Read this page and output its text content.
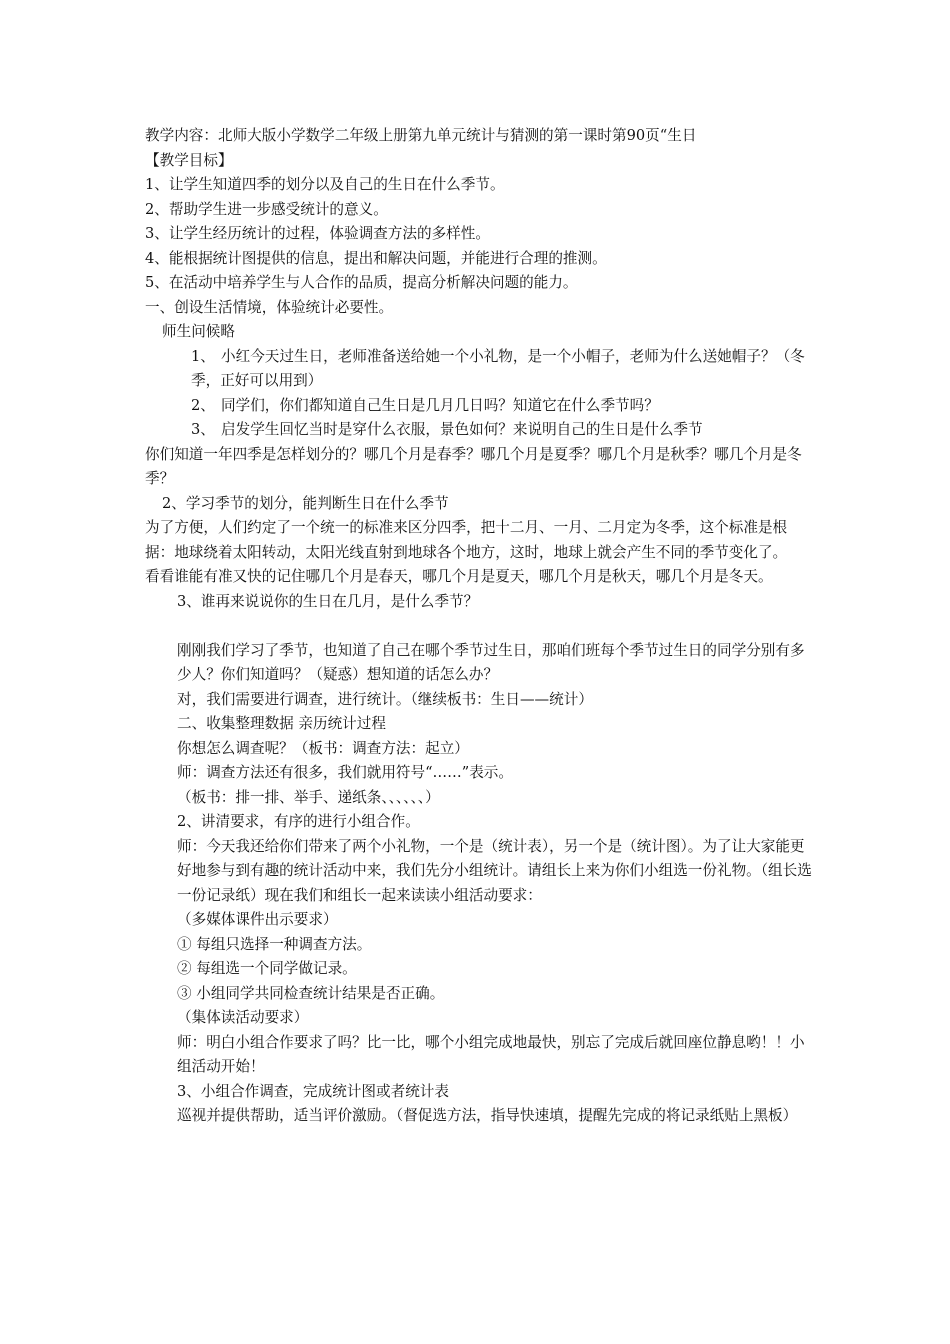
教学内容：北师大版小学数学二年级上册第九单元统计与猜测的第一课时第90页“生日

【教学目标】

1、让学生知道四季的划分以及自己的生日在什么季节。

2、帮助学生进一步感受统计的意义。

3、让学生经历统计的过程，体验调查方法的多样性。

4、能根据统计图提供的信息，提出和解决问题，并能进行合理的推测。

5、在活动中培养学生与人合作的品质，提高分析解决问题的能力。

一、创设生活情境，体验统计必要性。

师生问候略

1、 小红今天过生日，老师准备送给她一个小礼物，是一个小帽子，老师为什么送她帽子？（冬季，正好可以用到）

2、 同学们，你们都知道自己生日是几月几日吗？知道它在什么季节吗？

3、 启发学生回忆当时是穿什么衣服，景色如何？来说明自己的生日是什么季节

你们知道一年四季是怎样划分的？哪几个月是春季？哪几个月是夏季？哪几个月是秋季？哪几个月是冬季？

2、学习季节的划分，能判断生日在什么季节

为了方便，人们约定了一个统一的标准来区分四季，把十二月、一月、二月定为冬季，这个标准是根据：地球绕着太阳转动，太阳光线直射到地球各个地方，这时，地球上就会产生不同的季节变化了。

看看谁能有准又快的记住哪几个月是春天，哪几个月是夏天，哪几个月是秋天，哪几个月是冬天。

3、谁再来说说你的生日在几月，是什么季节？

刚刚我们学习了季节，也知道了自己在哪个季节过生日，那咱们班每个季节过生日的同学分别有多少人？你们知道吗？（疑惑）想知道的话怎么办？

对，我们需要进行调查，进行统计。（继续板书：生日——统计）

二、收集整理数据 亲历统计过程

你想怎么调查呢？（板书：调查方法：起立）

师：调查方法还有很多，我们就用符号“……”表示。

（板书：排一排、举手、递纸条、、、、、、）

2、讲清要求，有序的进行小组合作。

师：今天我还给你们带来了两个小礼物，一个是（统计表），另一个是（统计图）。为了让大家能更好地参与到有趣的统计活动中来，我们先分小组统计。请组长上来为你们小组选一份礼物。（组长选一份记录纸）现在我们和组长一起来读读小组活动要求：

（多媒体课件出示要求）

① 每组只选择一种调查方法。

② 每组选一个同学做记录。

③ 小组同学共同检查统计结果是否正确。

（集体读活动要求）

师：明白小组合作要求了吗？比一比，哪个小组完成地最快，别忘了完成后就回座位静息哟！！小组活动开始！

3、小组合作调查，完成统计图或者统计表

巡视并提供帮助，适当评价激励。（督促选方法，指导快速填，提醒先完成的将记录纸贴上黑板）
